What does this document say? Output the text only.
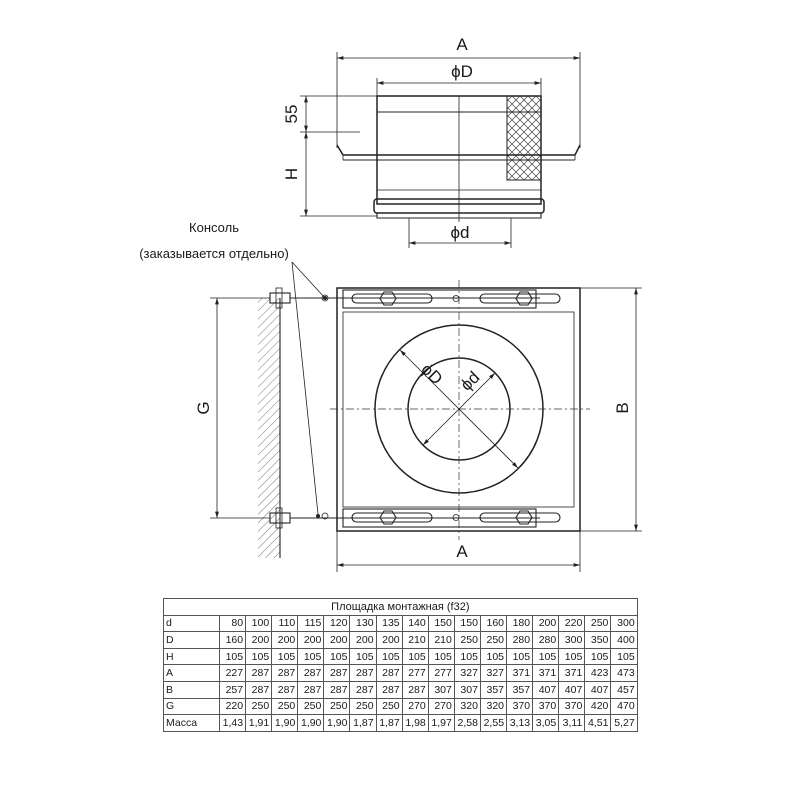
A
ϕD
55
H
ϕd
Консоль
(заказывается отдельно)
ϕD ϕd
G	B
A
Площадка монтажная (f32)																
d	80	100	110	115	120	130	135	140	150	150	160	180	200	220	250	300
D	160	200	200	200	200	200	200	210	210	250	250	280	280	300	350	400
H	105	105	105	105	105	105	105	105	105	105	105	105	105	105	105	105
A	227	287	287	287	287	287	287	277	277	327	327	371	371	371	423	473
B	257	287	287	287	287	287	287	287	307	307	357	357	407	407	407	457
G	220	250	250	250	250	250	250	270	270	320	320	370	370	370	420	470
Масса	1,43	1,91	1,90	1,90	1,90	1,87	1,87	1,98	1,97	2,58	2,55	3,13	3,05	3,11	4,51	5,27
